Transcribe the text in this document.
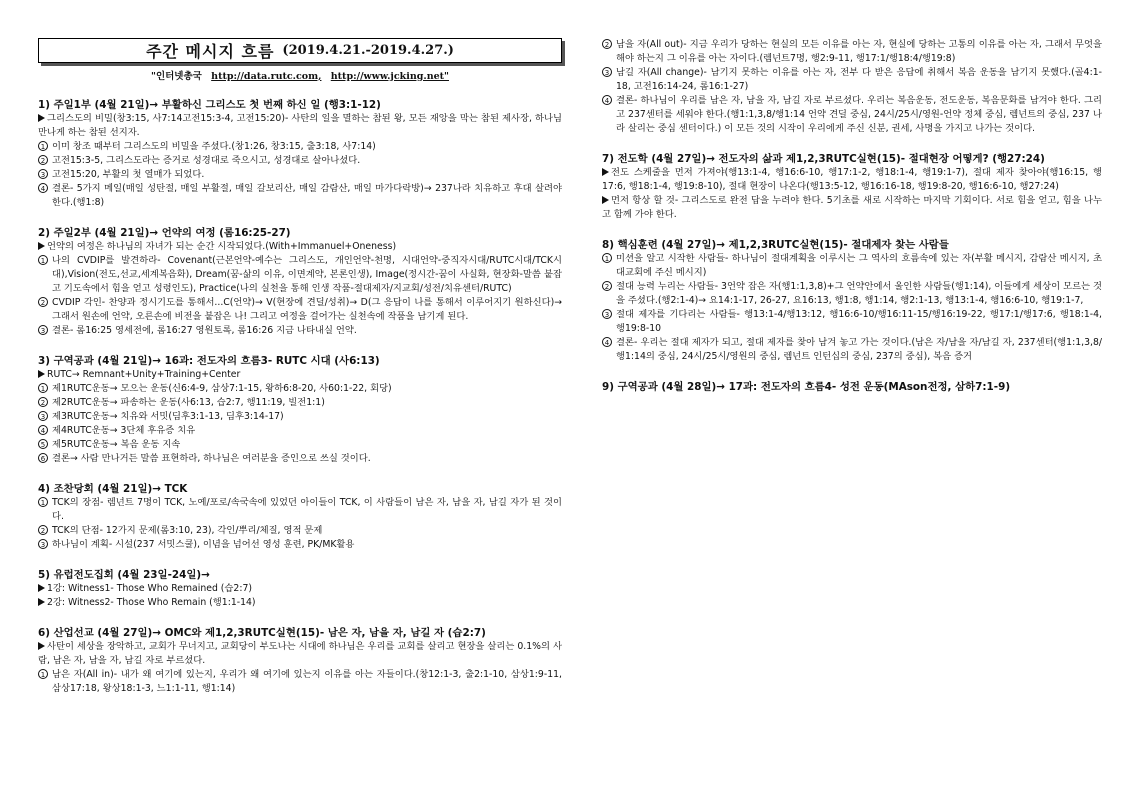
주간 메시지 흐름 (2019.4.21.-2019.4.27.)
"인터넷총국 http://data.rutc.com, http://www.jcking.net"
1) 주일1부 (4월 21일)→ 부활하신 그리스도 첫 번째 하신 일 (행3:1-12)
그리스도의 비밀(창3:15, 사7:14고전15:3-4, 고전15:20)- 사탄의 일을 멸하는 참된 왕, 모든 재앙을 막는 참된 제사장, 하나님 만나게 하는 참된 선지자.
1 이미 창조 때부터 그리스도의 비밀을 주셨다.(창1:26, 창3:15, 출3:18, 사7:14)
2 고전15:3-5, 그리스도라는 증거로 성경대로 죽으시고, 성경대로 살아나셨다.
3 고전15:20, 부활의 첫 열매가 되었다.
4 결론- 5가지 메일(매일 성탄절, 매일 부활절, 매일 갈보리산, 매일 감람산, 매일 마가다락방)→ 237나라 치유하고 후대 살려야 한다.(행1:8)
2) 주일2부 (4월 21일)→ 언약의 여정 (롬16:25-27)
언약의 여정은 하나님의 자녀가 되는 순간 시작되었다.(With+Immanuel+Oneness)
1 나의 CVDIP를 발견하라- Covenant(근본언약-예수는 그리스도, 개인언약-천명, 시대언약-중직자시대/RUTC시대/TCK시대),Vision(전도,선교,세계복음화), Dream(꿈-삶의 이유, 이면계약, 본론인생), Image(정시간-꿈이 사실화, 현장화-말씀 붙잡고 기도속에서 힘을 얻고 성령인도), Practice(나의 실천을 통해 인생 작품-절대제자/지교회/성전/치유센터/RUTC)
2 CVDIP 각인- 찬양과 정시기도를 통해서...C(언약)→ V(현장에 견딜/성취)→ D(그 응답이 나를 통해서 이루어지기 원하신다)→ 그래서 원손에 언약, 오른손에 비전을 붙잡은 나! 그리고 여정을 걸어가는 실천속에 작품을 남기게 된다.
3 결론- 롬16:25 영세전에, 롬16:27 영원토록, 롬16:26 지금 나타내실 언약.
3) 구역공과 (4월 21일)→ 16과: 전도자의 흐름3- RUTC 시대 (사6:13)
RUTC→ Remnant+Unity+Training+Center
1 제1RUTC운동→ 모으는 운동(신6:4-9, 삼상7:1-15, 왕하6:8-20, 사60:1-22, 회당)
2 제2RUTC운동→ 파송하는 운동(사6:13, 습2:7, 행11:19, 빌전1:1)
3 제3RUTC운동→ 치유와 서밋(딤후3:1-13, 딤후3:14-17)
4 제4RUTC운동→ 3단체 후유증 치유
5 제5RUTC운동→ 복음 운동 지속
6 결론→ 사람 만나거든 말씀 표현하라, 하나님은 여러분을 증인으로 쓰실 것이다.
4) 조찬당회 (4월 21일)→ TCK
1 TCK의 장점- 렘넌트 7명이 TCK, 노예/포로/속국속에 있었던 아이들이 TCK, 이 사람들이 남은 자, 남을 자, 남길 자가 된 것이다.
2 TCK의 단점- 12가지 문제(롬3:10, 23), 각인/뿌리/체질, 영적 문제
3 하나님이 계획- 시설(237 서밋스쿨), 이념을 넘어선 영성 훈련, PK/MK활용
5) 유럽전도집회 (4월 23일-24일)→
1강: Witness1- Those Who Remained (습2:7)
2강: Witness2- Those Who Remain (행1:1-14)
6) 산업선교 (4월 27일)→ OMC와 제1,2,3RUTC실현(15)- 남은 자, 남을 자, 남길 자 (습2:7)
사탄이 세상을 장악하고, 교회가 무너지고, 교회당이 부도나는 시대에 하나님은 우리를 교회를 살리고 현장을 살리는 0.1%의 사람, 남은 자, 남을 자, 남길 자로 부르셨다.
1 남은 자(All in)- 내가 왜 여기에 있는지, 우리가 왜 여기에 있는지 이유를 아는 자들이다.(창12:1-3, 출2:1-10, 삼상1:9-11, 삼상17:18, 왕상18:1-3, 느1:1-11, 행1:14)
2 남을 자(All out)- 지금 우리가 당하는 현실의 모든 이유를 아는 자, 현실에 당하는 고통의 이유를 아는 자, 그래서 무엇을 해야 하는지 그 이유를 아는 자이다.(렘넌트7명, 행2:9-11, 행17:1/행18:4/행19:8)
3 남길 자(All change)- 남기지 못하는 이유를 아는 자, 전부 다 받은 응답에 취해서 복음 운동을 남기지 못했다.(골4:1-18, 고전16:14-24, 롬16:1-27)
4 결론- 하나님이 우리를 남은 자, 남을 자, 남길 자로 부르셨다. 우리는 복음운동, 전도운동, 복음문화를 남겨야 한다. 그리고 237센터를 세워야 한다.(행1:1,3,8/행1:14 언약 견딜 중심, 24시/25시/영원-언약 정체 중심, 렘넌트의 중심, 237 나라 살리는 중심 센터이다.) 이 모든 것의 시작이 우리에게 주신 신분, 권세, 사명을 가지고 나가는 것이다.
7) 전도학 (4월 27일)→ 전도자의 삶과 제1,2,3RUTC실현(15)- 절대현장 어떻게? (행27:24)
전도 스케줄을 먼저 가져야(행13:1-4, 행16:6-10, 행17:1-2, 행18:1-4, 행19:1-7), 절대 제자 찾아야(행16:15, 행17:6, 행18:1-4, 행19:8-10), 절대 현장이 나온다(행13:5-12, 행16:16-18, 행19:8-20, 행16:6-10, 행27:24)
먼저 항상 할 것- 그리스도로 완전 답을 누려야 한다. 5기초를 새로 시작하는 마지막 기회이다. 서로 힘을 얻고, 힘을 나누고 함께 가야 한다.
8) 핵심훈련 (4월 27일)→ 제1,2,3RUTC실현(15)- 절대제자 찾는 사람들
1 미션을 알고 시작한 사람들- 하나님이 절대계획을 이루시는 그 역사의 흐름속에 있는 자(부활 메시지, 감람산 메시지, 초대교회에 주신 메시지)
2 절대 능력 누리는 사람들- 3언약 잡은 자(행1:1,3,8)+그 언약안에서 울인한 사람들(행1:14), 이들에게 세상이 모르는 것을 주셨다.(행2:1-4)→ 요14:1-17, 26-27, 요16:13, 행1:8, 행1:14, 행2:1-13, 행13:1-4, 행16:6-10, 행19:1-7,
3 절대 제자를 기다리는 사람들- 행13:1-4/행13:12, 행16:6-10/행16:11-15/행16:19-22, 행17:1/행17:6, 행18:1-4, 행19:8-10
4 결론- 우리는 절대 제자가 되고, 절대 제자를 찾아 남겨 놓고 가는 것이다.(남은 자/남을 자/남길 자, 237센터(행1:1,3,8/행1:14의 중심, 24시/25시/영원의 중심, 렘넌트 인턴십의 중심, 237의 중심), 복음 증거
9) 구역공과 (4월 28일)→ 17과: 전도자의 흐름4- 성전 운동(MAson전정, 삼하7:1-9)
